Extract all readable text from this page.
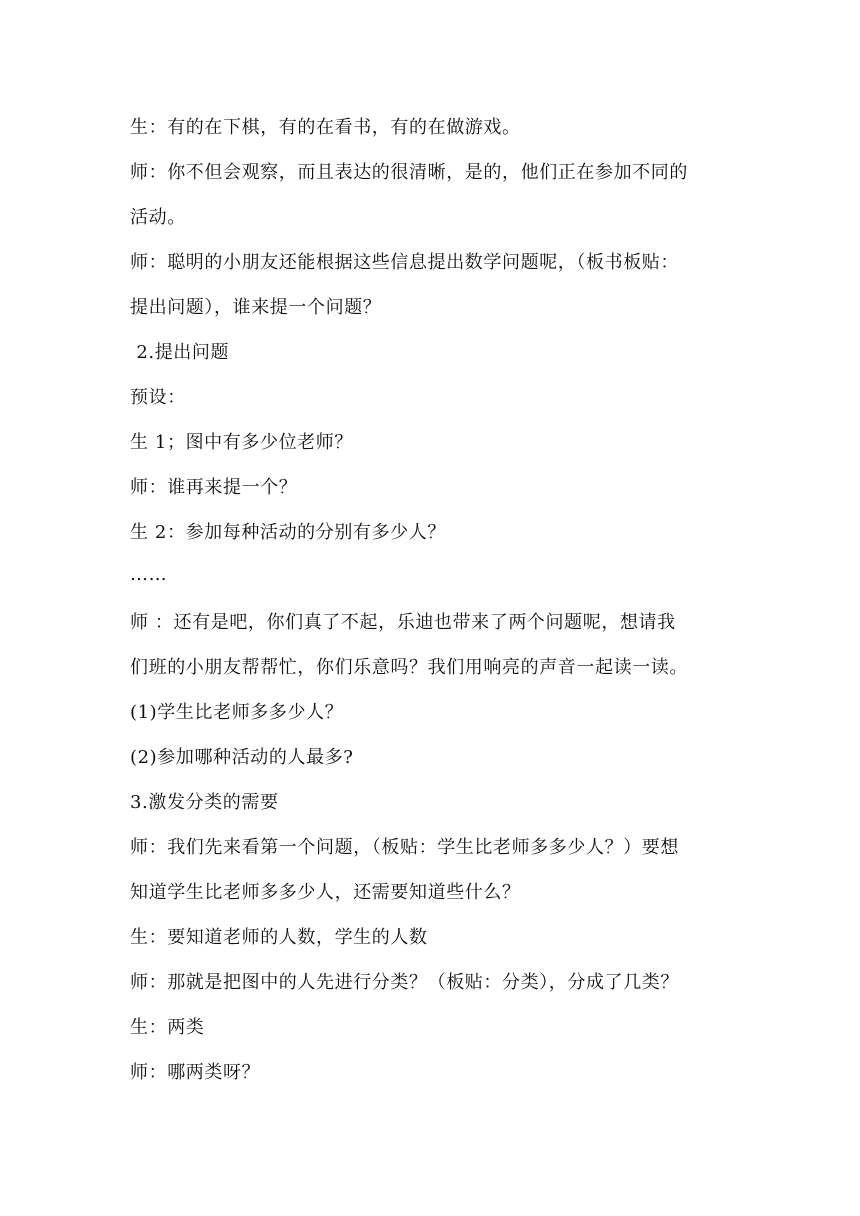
生：有的在下棋，有的在看书，有的在做游戏。
师：你不但会观察，而且表达的很清晰，是的，他们正在参加不同的
活动。
师：聪明的小朋友还能根据这些信息提出数学问题呢，（板书板贴：
提出问题），谁来提一个问题？
2.提出问题
预设：
生 1；图中有多少位老师？
师：谁再来提一个？
生 2：参加每种活动的分别有多少人？
……
师 ：还有是吧，你们真了不起，乐迪也带来了两个问题呢，想请我
们班的小朋友帮帮忙，你们乐意吗？我们用响亮的声音一起读一读。
(1)学生比老师多多少人？
(2)参加哪种活动的人最多?
3.激发分类的需要
师：我们先来看第一个问题，（板贴：学生比老师多多少人？）要想
知道学生比老师多多少人，还需要知道些什么？
生：要知道老师的人数，学生的人数
师：那就是把图中的人先进行分类？（板贴：分类），分成了几类？
生：两类
师：哪两类呀？
